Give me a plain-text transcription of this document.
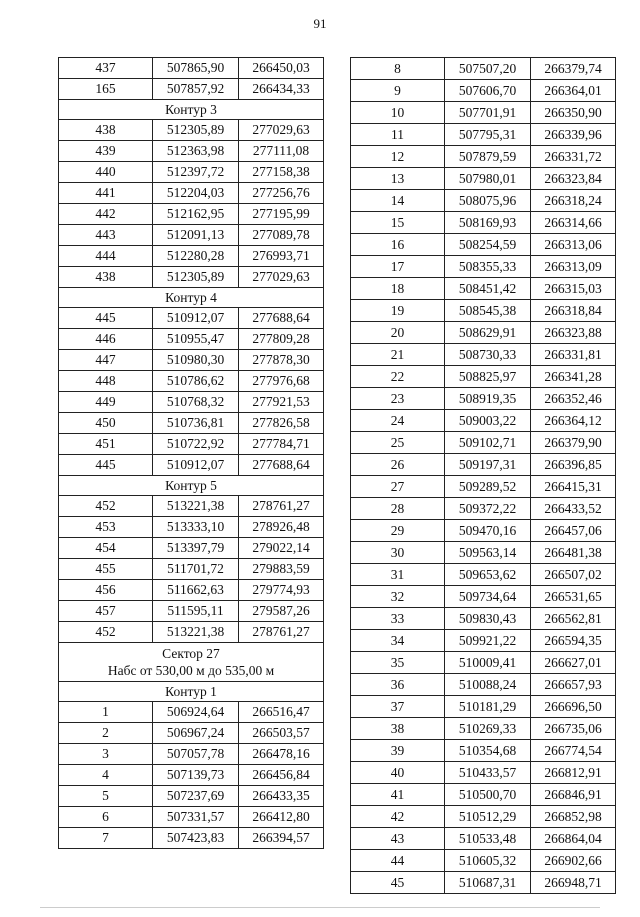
91
437	507865,90	266450,03
165	507857,92	266434,33
Контур 3		
438	512305,89	277029,63
439	512363,98	277111,08
440	512397,72	277158,38
441	512204,03	277256,76
442	512162,95	277195,99
443	512091,13	277089,78
444	512280,28	276993,71
438	512305,89	277029,63
Контур 4		
445	510912,07	277688,64
446	510955,47	277809,28
447	510980,30	277878,30
448	510786,62	277976,68
449	510768,32	277921,53
450	510736,81	277826,58
451	510722,92	277784,71
445	510912,07	277688,64
Контур 5		
452	513221,38	278761,27
453	513333,10	278926,48
454	513397,79	279022,14
455	511701,72	279883,59
456	511662,63	279774,93
457	511595,11	279587,26
452	513221,38	278761,27

Сектор 27
Набс от 530,00 м до 535,00 м		

Контур 1		
1	506924,64	266516,47
2	506967,24	266503,57
3	507057,78	266478,16
4	507139,73	266456,84
5	507237,69	266433,35
6	507331,57	266412,80
7	507423,83	266394,57
8	507507,20	266379,74
9	507606,70	266364,01
10	507701,91	266350,90
11	507795,31	266339,96
12	507879,59	266331,72
13	507980,01	266323,84
14	508075,96	266318,24
15	508169,93	266314,66
16	508254,59	266313,06
17	508355,33	266313,09
18	508451,42	266315,03
19	508545,38	266318,84
20	508629,91	266323,88
21	508730,33	266331,81
22	508825,97	266341,28
23	508919,35	266352,46
24	509003,22	266364,12
25	509102,71	266379,90
26	509197,31	266396,85
27	509289,52	266415,31
28	509372,22	266433,52
29	509470,16	266457,06
30	509563,14	266481,38
31	509653,62	266507,02
32	509734,64	266531,65
33	509830,43	266562,81
34	509921,22	266594,35
35	510009,41	266627,01
36	510088,24	266657,93
37	510181,29	266696,50
38	510269,33	266735,06
39	510354,68	266774,54
40	510433,57	266812,91
41	510500,70	266846,91
42	510512,29	266852,98
43	510533,48	266864,04
44	510605,32	266902,66
45	510687,31	266948,71
